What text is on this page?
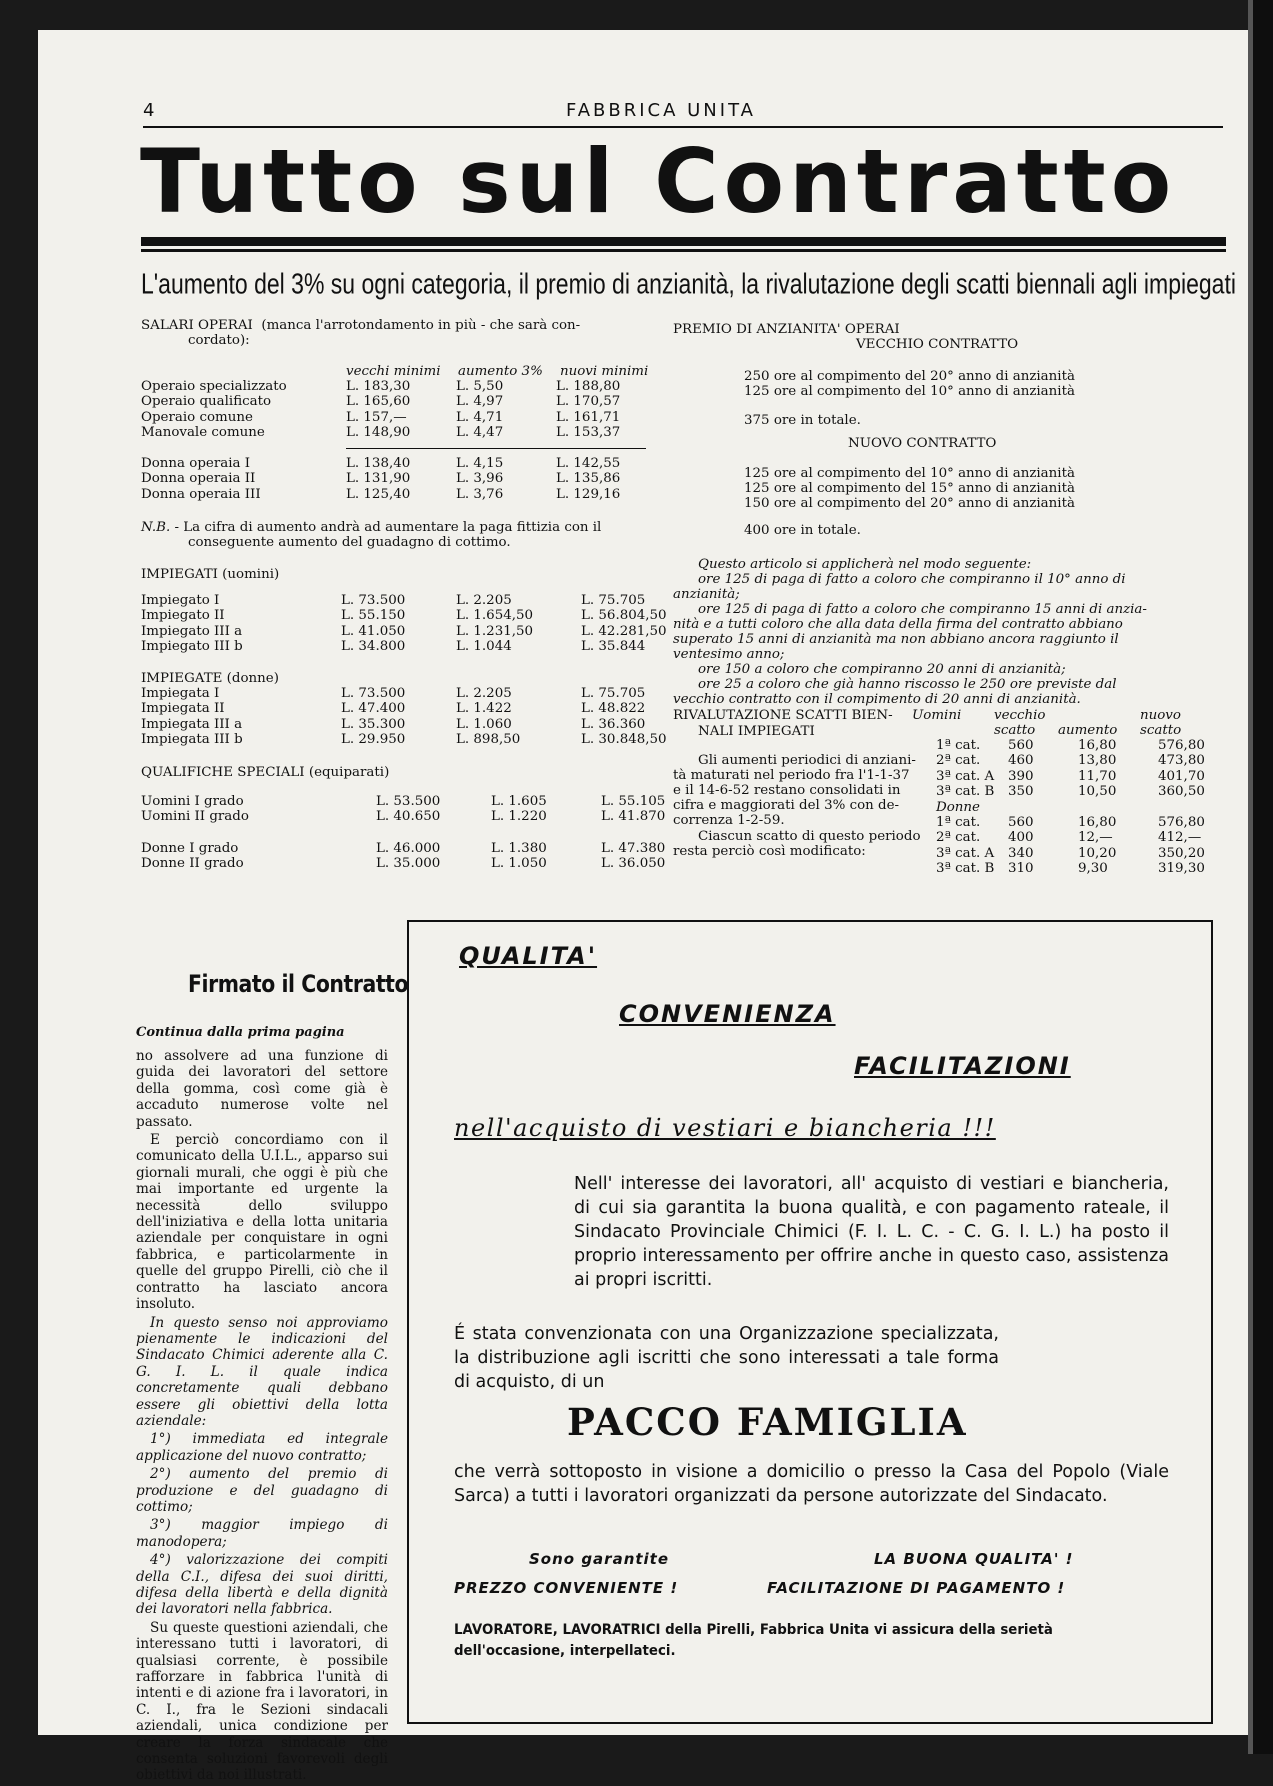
4	FABBRICA UNITA
Tutto sul Contratto
L'aumento del 3% su ogni categoria, il premio di anzianità, la rivalutazione degli scatti biennali agli impiegati
SALARI OPERAI (manca l'arrotondamento in più - che sarà con-
cordato):
vecchi minimi aumento 3% nuovi minimi
Operaio specializzato	L. 183,30	L. 5,50	L. 188,80
Operaio qualificato	L. 165,60	L. 4,97	L. 170,57
Operaio comune	L. 157,—	L. 4,71	L. 161,71
Manovale comune	L. 148,90	L. 4,47	L. 153,37
Donna operaia I	L. 138,40	L. 4,15	L. 142,55
Donna operaia II	L. 131,90	L. 3,96	L. 135,86
Donna operaia III	L. 125,40	L. 3,76	L. 129,16
N.B. - La cifra di aumento andrà ad aumentare la paga fittizia con il
conseguente aumento del guadagno di cottimo.
IMPIEGATI (uomini)
Impiegato I	L. 73.500	L. 2.205	L. 75.705
Impiegato II	L. 55.150	L. 1.654,50	L. 56.804,50
Impiegato III a	L. 41.050	L. 1.231,50	L. 42.281,50
Impiegato III b	L. 34.800	L. 1.044	L. 35.844
IMPIEGATE (donne)
Impiegata I	L. 73.500	L. 2.205	L. 75.705
Impiegata II	L. 47.400	L. 1.422	L. 48.822
Impiegata III a	L. 35.300	L. 1.060	L. 36.360
Impiegata III b	L. 29.950	L. 898,50	L. 30.848,50
QUALIFICHE SPECIALI (equiparati)
Uomini I grado	L. 53.500	L. 1.605	L. 55.105
Uomini II grado	L. 40.650	L. 1.220	L. 41.870
Donne I grado	L. 46.000	L. 1.380	L. 47.380
Donne II grado	L. 35.000	L. 1.050	L. 36.050
PREMIO DI ANZIANITA' OPERAI
VECCHIO CONTRATTO
250 ore al compimento del 20° anno di anzianità
125 ore al compimento del 10° anno di anzianità
375 ore in totale.
NUOVO CONTRATTO
125 ore al compimento del 10° anno di anzianità
125 ore al compimento del 15° anno di anzianità
150 ore al compimento del 20° anno di anzianità
400 ore in totale.
Questo articolo si applicherà nel modo seguente:
ore 125 di paga di fatto a coloro che compiranno il 10° anno di
anzianità;
ore 125 di paga di fatto a coloro che compiranno 15 anni di anzia-
nità e a tutti coloro che alla data della firma del contratto abbiano
superato 15 anni di anzianità ma non abbiano ancora raggiunto il
ventesimo anno;
ore 150 a coloro che compiranno 20 anni di anzianità;
ore 25 a coloro che già hanno riscosso le 250 ore previste dal
vecchio contratto con il compimento di 20 anni di anzianità.
RIVALUTAZIONE SCATTI BIEN-
NALI IMPIEGATI
Gli aumenti periodici di anziani-
tà maturati nel periodo fra l'1-1-37
e il 14-6-52 restano consolidati in
cifra e maggiorati del 3% con de-
correnza 1-2-59.
Ciascun scatto di questo periodo
resta perciò così modificato:
Uomini	vecchio		nuovo
	scatto	aumento	scatto
1ª cat.	560	16,80	576,80
2ª cat.	460	13,80	473,80
3ª cat. A	390	11,70	401,70
3ª cat. B	350	10,50	360,50
Donne
1ª cat.	560	16,80	576,80
2ª cat.	400	12,—	412,—
3ª cat. A	340	10,20	350,20
3ª cat. B	310	9,30	319,30
Firmato il Contratto
Continua dalla prima pagina

no assolvere ad una funzione di guida dei lavoratori del settore della gomma, così come già è accaduto numerose volte nel passato.

E perciò concordiamo con il comunicato della U.I.L., apparso sui giornali murali, che oggi è più che mai importante ed urgente la necessità dello sviluppo dell'iniziativa e della lotta unitaria aziendale per conquistare in ogni fabbrica, e particolarmente in quelle del gruppo Pirelli, ciò che il contratto ha lasciato ancora insoluto.

In questo senso noi approviamo pienamente le indicazioni del Sindacato Chimici aderente alla C. G. I. L. il quale indica concretamente quali debbano essere gli obiettivi della lotta aziendale:

1°) immediata ed integrale applicazione del nuovo contratto;

2°) aumento del premio di produzione e del guadagno di cottimo;

3°) maggior impiego di manodopera;

4°) valorizzazione dei compiti della C.I., difesa dei suoi diritti, difesa della libertà e della dignità dei lavoratori nella fabbrica.

Su queste questioni aziendali, che interessano tutti i lavoratori, di qualsiasi corrente, è possibile rafforzare in fabbrica l'unità di intenti e di azione fra i lavoratori, in C. I., fra le Sezioni sindacali aziendali, unica condizione per creare la forza sindacale che consenta soluzioni favorevoli degli obiettivi da noi illustrati.

QUALITA'
CONVENIENZA
FACILITAZIONI
nell'acquisto di vestiari e biancheria !!!
Nell' interesse dei lavoratori, all' acquisto di vestiari e biancheria, di cui sia garantita la buona qualità, e con pagamento rateale, il Sindacato Provinciale Chimici (F. I. L. C. - C. G. I. L.) ha posto il proprio interessamento per offrire anche in questo caso, assistenza ai propri iscritti.
É stata convenzionata con una Organizzazione specializzata, la distribuzione agli iscritti che sono interessati a tale forma di acquisto, di un
PACCO FAMIGLIA
che verrà sottoposto in visione a domicilio o presso la Casa del Popolo (Viale Sarca) a tutti i lavoratori organizzati da persone autorizzate del Sindacato.
Sono garantite	LA BUONA QUALITA' !
PREZZO CONVENIENTE !	FACILITAZIONE DI PAGAMENTO !
LAVORATORE, LAVORATRICI della Pirelli, Fabbrica Unita vi assicura della serietà dell'occasione, interpellateci.
